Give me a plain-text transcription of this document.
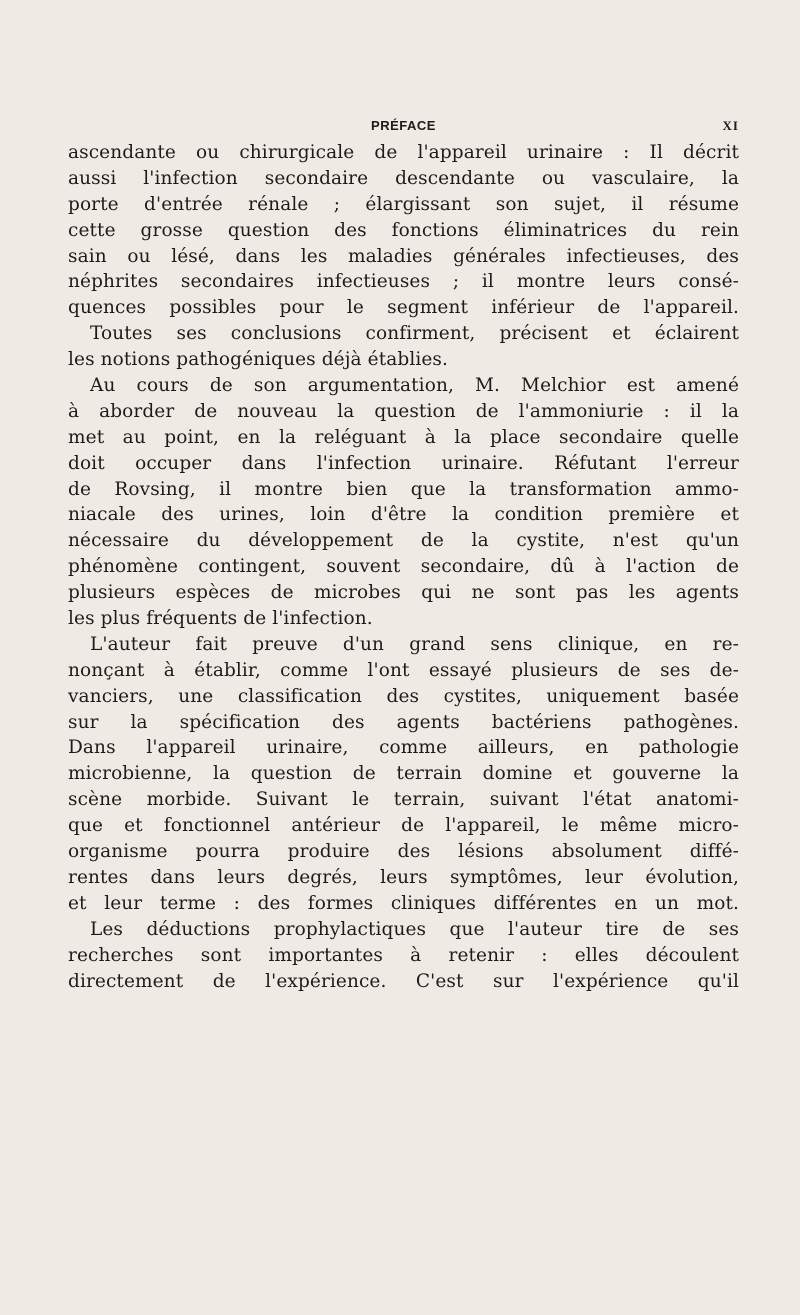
PRÉFACE	XI
ascendante ou chirurgicale de l'appareil urinaire : Il décrit
aussi l'infection secondaire descendante ou vasculaire, la
porte d'entrée rénale ; élargissant son sujet, il résume
cette grosse question des fonctions éliminatrices du rein
sain ou lésé, dans les maladies générales infectieuses, des
néphrites secondaires infectieuses ; il montre leurs consé-
quences possibles pour le segment inférieur de l'appareil.
Toutes ses conclusions confirment, précisent et éclairent
les notions pathogéniques déjà établies.
Au cours de son argumentation, M. Melchior est amené
à aborder de nouveau la question de l'ammoniurie : il la
met au point, en la reléguant à la place secondaire quelle
doit occuper dans l'infection urinaire. Réfutant l'erreur
de Rovsing, il montre bien que la transformation ammo-
niacale des urines, loin d'être la condition première et
nécessaire du développement de la cystite, n'est qu'un
phénomène contingent, souvent secondaire, dû à l'action de
plusieurs espèces de microbes qui ne sont pas les agents
les plus fréquents de l'infection.
L'auteur fait preuve d'un grand sens clinique, en re-
nonçant à établir, comme l'ont essayé plusieurs de ses de-
vanciers, une classification des cystites, uniquement basée
sur la spécification des agents bactériens pathogènes.
Dans l'appareil urinaire, comme ailleurs, en pathologie
microbienne, la question de terrain domine et gouverne la
scène morbide. Suivant le terrain, suivant l'état anatomi-
que et fonctionnel antérieur de l'appareil, le même micro-
organisme pourra produire des lésions absolument diffé-
rentes dans leurs degrés, leurs symptômes, leur évolution,
et leur terme : des formes cliniques différentes en un mot.
Les déductions prophylactiques que l'auteur tire de ses
recherches sont importantes à retenir : elles découlent
directement de l'expérience. C'est sur l'expérience qu'il
